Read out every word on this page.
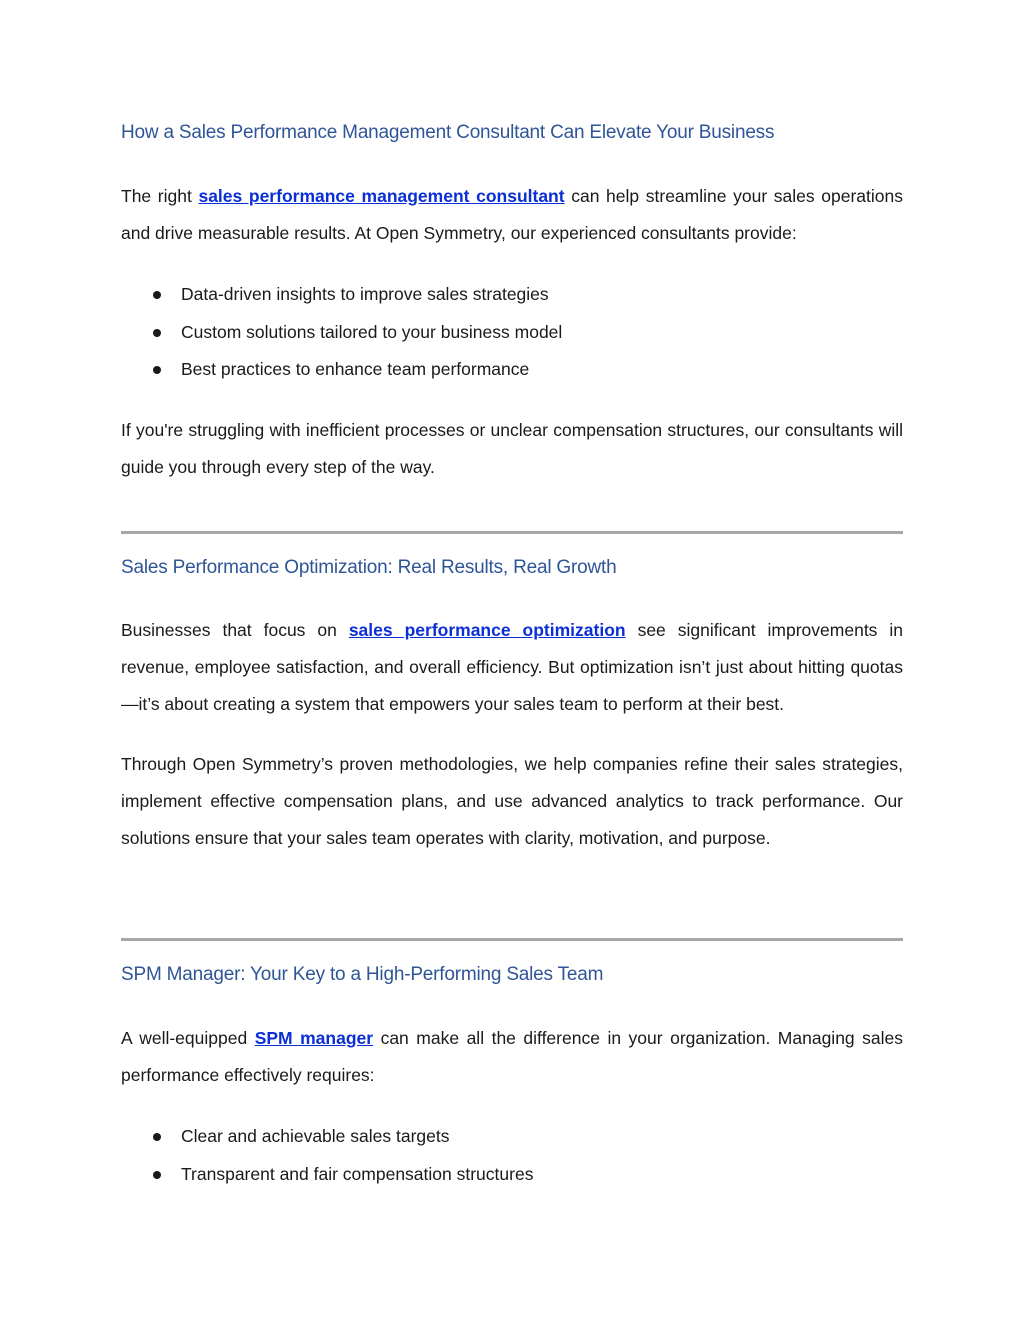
How a Sales Performance Management Consultant Can Elevate Your Business

The right sales performance management consultant can help streamline your sales operations and drive measurable results. At Open Symmetry, our experienced consultants provide:

Data-driven insights to improve sales strategies
Custom solutions tailored to your business model
Best practices to enhance team performance

If you're struggling with inefficient processes or unclear compensation structures, our consultants will guide you through every step of the way.

Sales Performance Optimization: Real Results, Real Growth

Businesses that focus on sales performance optimization see significant improvements in revenue, employee satisfaction, and overall efficiency. But optimization isn’t just about hitting quotas—it’s about creating a system that empowers your sales team to perform at their best.

Through Open Symmetry’s proven methodologies, we help companies refine their sales strategies, implement effective compensation plans, and use advanced analytics to track performance. Our solutions ensure that your sales team operates with clarity, motivation, and purpose.

SPM Manager: Your Key to a High-Performing Sales Team

A well-equipped SPM manager can make all the difference in your organization. Managing sales performance effectively requires:

Clear and achievable sales targets
Transparent and fair compensation structures
